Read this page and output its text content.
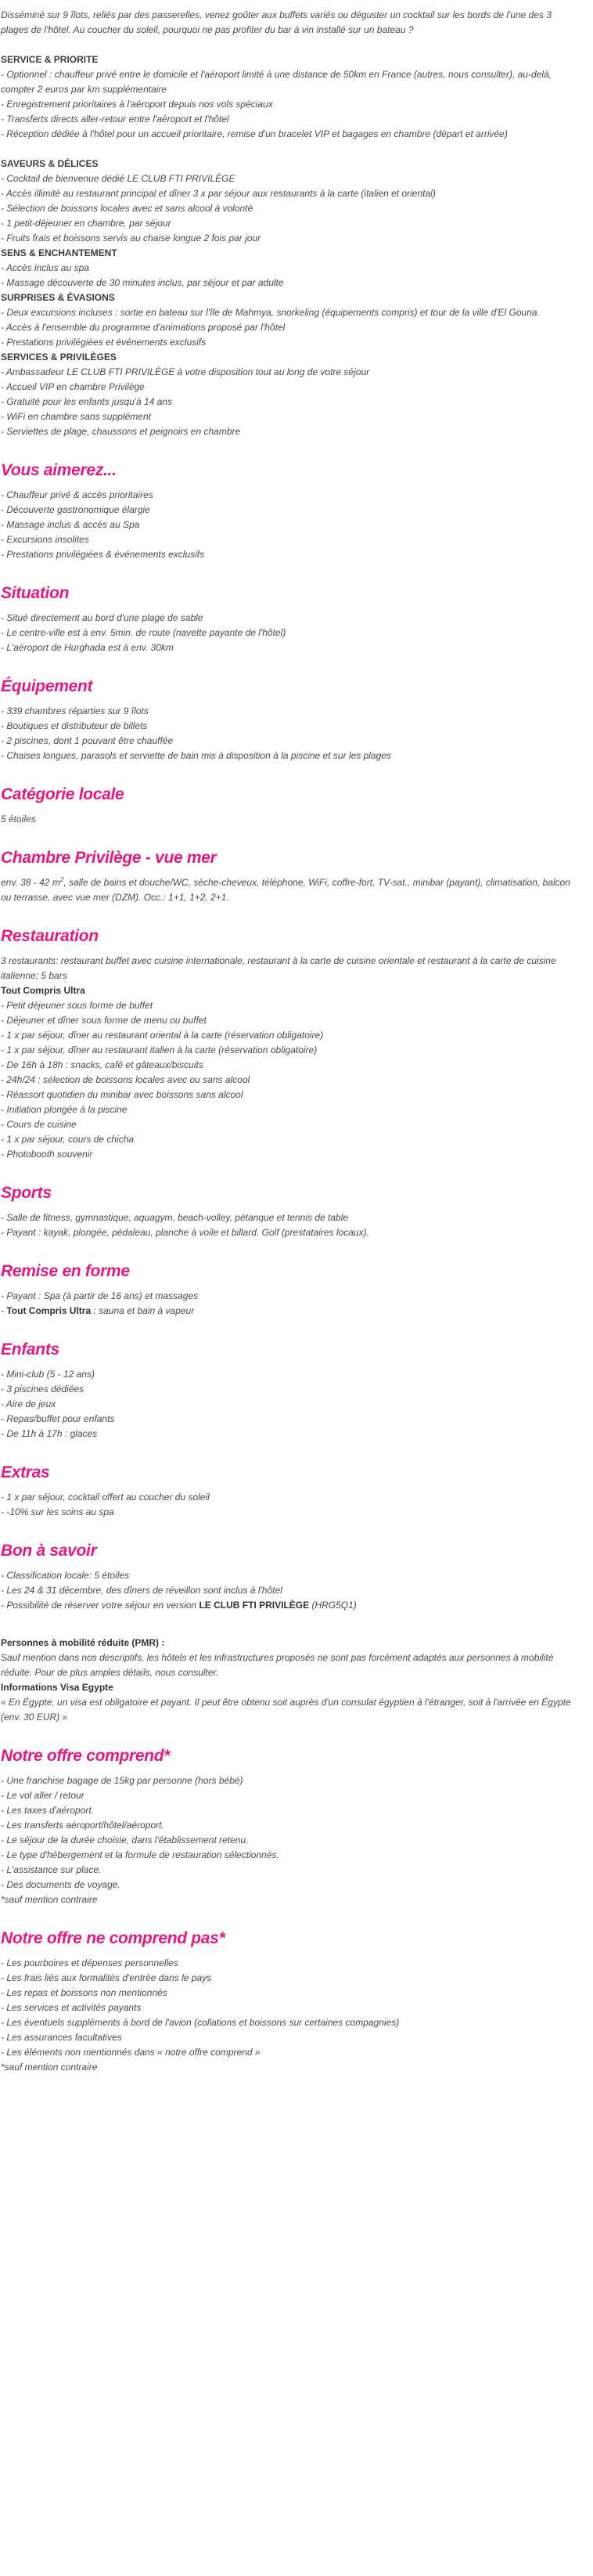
Disséminé sur 9 îlots, reliés par des passerelles, venez goûter aux buffets variés ou déguster un cocktail sur les bords de l'une des 3 plages de l'hôtel. Au coucher du soleil, pourquoi ne pas profiter du bar à vin installé sur un bateau ?

SERVICE & PRIORITE

- Optionnel : chauffeur privé entre le domicile et l'aéroport limité à une distance de 50km en France (autres, nous consulter), au-delà, compter 2 euros par km supplémentaire

- Enregistrement prioritaires à l'aéroport depuis nos vols spéciaux

- Transferts directs aller-retour entre l'aéroport et l'hôtel

- Réception dédiée à l'hôtel pour un accueil prioritaire, remise d'un bracelet VIP et bagages en chambre (départ et arrivée)

SAVEURS & DÉLICES

- Cocktail de bienvenue dédié LE CLUB FTI PRIVILÈGE

- Accès illimité au restaurant principal et dîner 3 x par séjour aux restaurants à la carte (italien et oriental)

- Sélection de boissons locales avec et sans alcool à volonté

- 1 petit-déjeuner en chambre, par séjour

- Fruits frais et boissons servis au chaise longue 2 fois par jour

SENS & ENCHANTEMENT

- Accès inclus au spa

- Massage découverte de 30 minutes inclus, par séjour et par adulte

SURPRISES & ÉVASIONS

- Deux excursions incluses : sortie en bateau sur l'île de Mahmya, snorkeling (équipements compris) et tour de la ville d'El Gouna.

- Accès à l'ensemble du programme d'animations proposé par l'hôtel

- Prestations privilégiées et événements exclusifs

SERVICES & PRIVILÈGES

- Ambassadeur LE CLUB FTI PRIVILÈGE à votre disposition tout au long de votre séjour

- Accueil VIP en chambre Privilège

- Gratuité pour les enfants jusqu'à 14 ans

- WiFi en chambre sans supplément

- Serviettes de plage, chaussons et peignoirs en chambre

Vous aimerez...

- Chauffeur privé & accès prioritaires

- Découverte gastronomique élargie

- Massage inclus & accès au Spa

- Excursions insolites

- Prestations privilégiées & événements exclusifs

Situation

- Situé directement au bord d'une plage de sable

- Le centre-ville est à env. 5min. de route (navette payante de l'hôtel)

- L'aéroport de Hurghada est à env. 30km

Équipement

- 339 chambres réparties sur 9 îlots

- Boutiques et distributeur de billets

- 2 piscines, dont 1 pouvant être chauffée

- Chaises longues, parasols et serviette de bain mis à disposition à la piscine et sur les plages

Catégorie locale

5 étoiles

Chambre Privilège - vue mer

env. 38 - 42 $m^2$, salle de bains et douche/WC, sèche-cheveux, téléphone, WiFi, coffre-fort, TV-sat., minibar (payant), climatisation, balcon ou terrasse, avec vue mer (DZM). Occ.: 1+1, 1+2, 2+1.

Restauration

3 restaurants: restaurant buffet avec cuisine internationale, restaurant à la carte de cuisine orientale et restaurant à la carte de cuisine italienne; 5 bars

Tout Compris Ultra

- Petit déjeuner sous forme de buffet

- Déjeuner et dîner sous forme de menu ou buffet

- 1 x par séjour, dîner au restaurant oriental à la carte (réservation obligatoire)

- 1 x par séjour, dîner au restaurant italien à la carte (réservation obligatoire)

- De 16h à 18h : snacks, café et gâteaux/biscuits

- 24h/24 : sélection de boissons locales avec ou sans alcool

- Réassort quotidien du minibar avec boissons sans alcool

- Initiation plongée à la piscine

- Cours de cuisine

- 1 x par séjour, cours de chicha

- Photobooth souvenir

Sports

- Salle de fitness, gymnastique, aquagym, beach-volley, pétanque et tennis de table

- Payant : kayak, plongée, pédaleau, planche à voile et billard. Golf (prestataires locaux).

Remise en forme

- Payant : Spa (à partir de 16 ans) et massages

- Tout Compris Ultra : sauna et bain à vapeur

Enfants

- Mini-club (5 - 12 ans)

- 3 piscines dédiées

- Aire de jeux

- Repas/buffet pour enfants

- De 11h à 17h : glaces

Extras

- 1 x par séjour, cocktail offert au coucher du soleil

- -10% sur les soins au spa

Bon à savoir

- Classification locale: 5 étoiles

- Les 24 & 31 décembre, des dîners de réveillon sont inclus à l'hôtel

- Possibilité de réserver votre séjour en version LE CLUB FTI PRIVILÈGE (HRG5Q1)

Personnes à mobilité réduite (PMR) :

Sauf mention dans nos descriptifs, les hôtels et les infrastructures proposés ne sont pas forcément adaptés aux personnes à mobilité réduite. Pour de plus amples détails, nous consulter.

Informations Visa Egypte

« En Égypte, un visa est obligatoire et payant. Il peut être obtenu soit auprès d'un consulat égyptien à l'étranger, soit à l'arrivée en Égypte (env. 30 EUR) »

Notre offre comprend*

- Une franchise bagage de 15kg par personne (hors bébé)

- Le vol aller / retour

- Les taxes d'aéroport.

- Les transferts aéroport/hôtel/aéroport.

- Le séjour de la durée choisie, dans l'établissement retenu.

- Le type d'hébergement et la formule de restauration sélectionnés.

- L'assistance sur place.

- Des documents de voyage.

*sauf mention contraire

Notre offre ne comprend pas*

- Les pourboires et dépenses personnelles

- Les frais liés aux formalités d'entrée dans le pays

- Les repas et boissons non mentionnés

- Les services et activités payants

- Les éventuels suppléments à bord de l'avion (collations et boissons sur certaines compagnies)

- Les assurances facultatives

- Les éléments non mentionnés dans « notre offre comprend »

*sauf mention contraire
